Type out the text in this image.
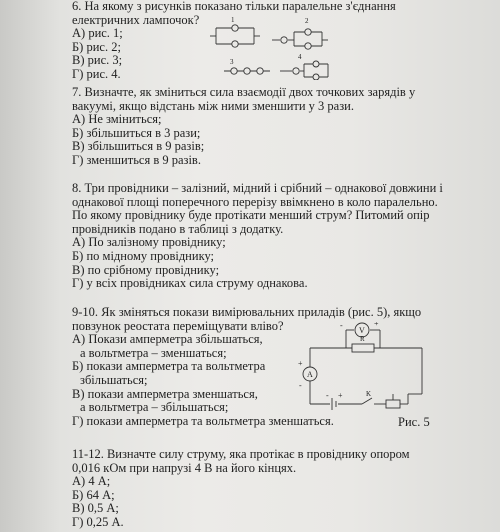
6. На якому з рисунків показано тільки паралельне з'єднання

електричних лампочок?

А) рис. 1;

Б) рис. 2;

В) рис. 3;

Г) рис. 4.

1	2
3
4

7. Визначте, як зміниться сила взаємодії двох точкових зарядів у

вакуумі, якщо відстань між ними зменшити у 3 рази.

А) Не зміниться;

Б) збільшиться в 3 рази;

В) збільшиться в 9 разів;

Г) зменшиться в 9 разів.

8. Три провідники – залізний, мідний і срібний – однакової довжини і

однакової площі поперечного перерізу ввімкнено в коло паралельно.

По якому провіднику буде протікати менший струм? Питомий опір

провідників подано в таблиці з додатку.

А) По залізному провіднику;

Б) по мідному провіднику;

В) по срібному провіднику;

Г) у всіх провідниках сила струму однакова.

9-10. Як зміняться покази вимірювальних приладів (рис. 5), якщо

повзунок реостата переміщувати вліво?

А) Покази амперметра збільшаться,

а вольтметра – зменшаться;

Б) покази амперметра та вольтметра

збільшаться;

В) покази амперметра зменшаться,

а вольтметра – збільшаться;

Г) покази амперметра та вольтметра зменшаться.	Рис. 5
V
A
R
K
+
-
+
-
- +

11-12. Визначте силу струму, яка протікає в провіднику опором

0,016 кОм при напрузі 4 В на його кінцях.

А) 4 А;

Б) 64 А;

В) 0,5 А;

Г) 0,25 А.
